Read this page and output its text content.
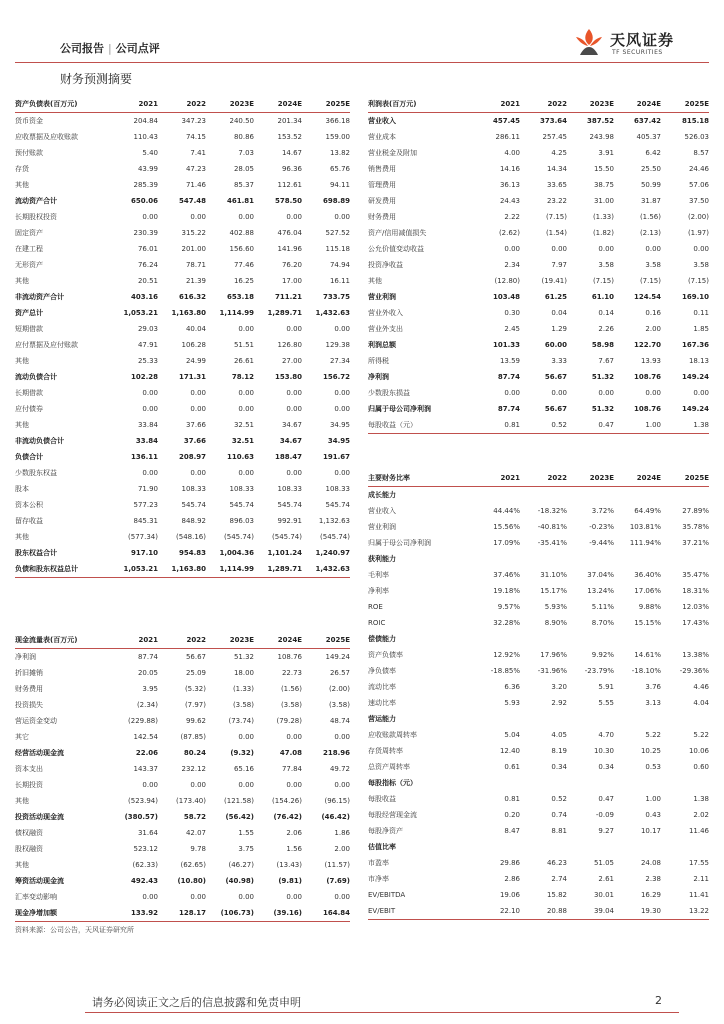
公司报告 | 公司点评
财务预测摘要
天风证券
TF SECURITIES
资产负债表(百万元)	2021	2022	2023E	2024E	2025E
货币资金	204.84	347.23	240.50	201.34	366.18
应收票据及应收账款	110.43	74.15	80.86	153.52	159.00
预付账款	5.40	7.41	7.03	14.67	13.82
存货	43.99	47.23	28.05	96.36	65.76
其他	285.39	71.46	85.37	112.61	94.11
流动资产合计	650.06	547.48	461.81	578.50	698.89
长期股权投资	0.00	0.00	0.00	0.00	0.00
固定资产	230.39	315.22	402.88	476.04	527.52
在建工程	76.01	201.00	156.60	141.96	115.18
无形资产	76.24	78.71	77.46	76.20	74.94
其他	20.51	21.39	16.25	17.00	16.11
非流动资产合计	403.16	616.32	653.18	711.21	733.75
资产总计	1,053.21	1,163.80	1,114.99	1,289.71	1,432.63
短期借款	29.03	40.04	0.00	0.00	0.00
应付票据及应付账款	47.91	106.28	51.51	126.80	129.38
其他	25.33	24.99	26.61	27.00	27.34
流动负债合计	102.28	171.31	78.12	153.80	156.72
长期借款	0.00	0.00	0.00	0.00	0.00
应付债券	0.00	0.00	0.00	0.00	0.00
其他	33.84	37.66	32.51	34.67	34.95
非流动负债合计	33.84	37.66	32.51	34.67	34.95
负债合计	136.11	208.97	110.63	188.47	191.67
少数股东权益	0.00	0.00	0.00	0.00	0.00
股本	71.90	108.33	108.33	108.33	108.33
资本公积	577.23	545.74	545.74	545.74	545.74
留存收益	845.31	848.92	896.03	992.91	1,132.63
其他	(577.34)	(548.16)	(545.74)	(545.74)	(545.74)
股东权益合计	917.10	954.83	1,004.36	1,101.24	1,240.97
负债和股东权益总计	1,053.21	1,163.80	1,114.99	1,289.71	1,432.63
利润表(百万元)	2021	2022	2023E	2024E	2025E
营业收入	457.45	373.64	387.52	637.42	815.18
营业成本	286.11	257.45	243.98	405.37	526.03
营业税金及附加	4.00	4.25	3.91	6.42	8.57
销售费用	14.16	14.34	15.50	25.50	24.46
管理费用	36.13	33.65	38.75	50.99	57.06
研发费用	24.43	23.22	31.00	31.87	37.50
财务费用	2.22	(7.15)	(1.33)	(1.56)	(2.00)
资产/信用减值损失	(2.62)	(1.54)	(1.82)	(2.13)	(1.97)
公允价值变动收益	0.00	0.00	0.00	0.00	0.00
投资净收益	2.34	7.97	3.58	3.58	3.58
其他	(12.80)	(19.41)	(7.15)	(7.15)	(7.15)
营业利润	103.48	61.25	61.10	124.54	169.10
营业外收入	0.30	0.04	0.14	0.16	0.11
营业外支出	2.45	1.29	2.26	2.00	1.85
利润总额	101.33	60.00	58.98	122.70	167.36
所得税	13.59	3.33	7.67	13.93	18.13
净利润	87.74	56.67	51.32	108.76	149.24
少数股东损益	0.00	0.00	0.00	0.00	0.00
归属于母公司净利润	87.74	56.67	51.32	108.76	149.24
每股收益（元）	0.81	0.52	0.47	1.00	1.38
主要财务比率	2021	2022	2023E	2024E	2025E
成长能力					
营业收入	44.44%	-18.32%	3.72%	64.49%	27.89%
营业利润	15.56%	-40.81%	-0.23%	103.81%	35.78%
归属于母公司净利润	17.09%	-35.41%	-9.44%	111.94%	37.21%
获利能力					
毛利率	37.46%	31.10%	37.04%	36.40%	35.47%
净利率	19.18%	15.17%	13.24%	17.06%	18.31%
ROE	9.57%	5.93%	5.11%	9.88%	12.03%
ROIC	32.28%	8.90%	8.70%	15.15%	17.43%
偿债能力					
资产负债率	12.92%	17.96%	9.92%	14.61%	13.38%
净负债率	-18.85%	-31.96%	-23.79%	-18.10%	-29.36%
流动比率	6.36	3.20	5.91	3.76	4.46
速动比率	5.93	2.92	5.55	3.13	4.04
营运能力					
应收账款周转率	5.04	4.05	4.70	5.22	5.22
存货周转率	12.40	8.19	10.30	10.25	10.06
总资产周转率	0.61	0.34	0.34	0.53	0.60
每股指标（元）					
每股收益	0.81	0.52	0.47	1.00	1.38
每股经营现金流	0.20	0.74	-0.09	0.43	2.02
每股净资产	8.47	8.81	9.27	10.17	11.46
估值比率					
市盈率	29.86	46.23	51.05	24.08	17.55
市净率	2.86	2.74	2.61	2.38	2.11
EV/EBITDA	19.06	15.82	30.01	16.29	11.41
EV/EBIT	22.10	20.88	39.04	19.30	13.22
现金流量表(百万元)	2021	2022	2023E	2024E	2025E
净利润	87.74	56.67	51.32	108.76	149.24
折旧摊销	20.05	25.09	18.00	22.73	26.57
财务费用	3.95	(5.32)	(1.33)	(1.56)	(2.00)
投资损失	(2.34)	(7.97)	(3.58)	(3.58)	(3.58)
营运资金变动	(229.88)	99.62	(73.74)	(79.28)	48.74
其它	142.54	(87.85)	0.00	0.00	0.00
经营活动现金流	22.06	80.24	(9.32)	47.08	218.96
资本支出	143.37	232.12	65.16	77.84	49.72
长期投资	0.00	0.00	0.00	0.00	0.00
其他	(523.94)	(173.40)	(121.58)	(154.26)	(96.15)
投资活动现金流	(380.57)	58.72	(56.42)	(76.42)	(46.42)
债权融资	31.64	42.07	1.55	2.06	1.86
股权融资	523.12	9.78	3.75	1.56	2.00
其他	(62.33)	(62.65)	(46.27)	(13.43)	(11.57)
筹资活动现金流	492.43	(10.80)	(40.98)	(9.81)	(7.69)
汇率变动影响	0.00	0.00	0.00	0.00	0.00
现金净增加额	133.92	128.17	(106.73)	(39.16)	164.84
资料来源：公司公告，天风证券研究所
请务必阅读正文之后的信息披露和免责申明	2
